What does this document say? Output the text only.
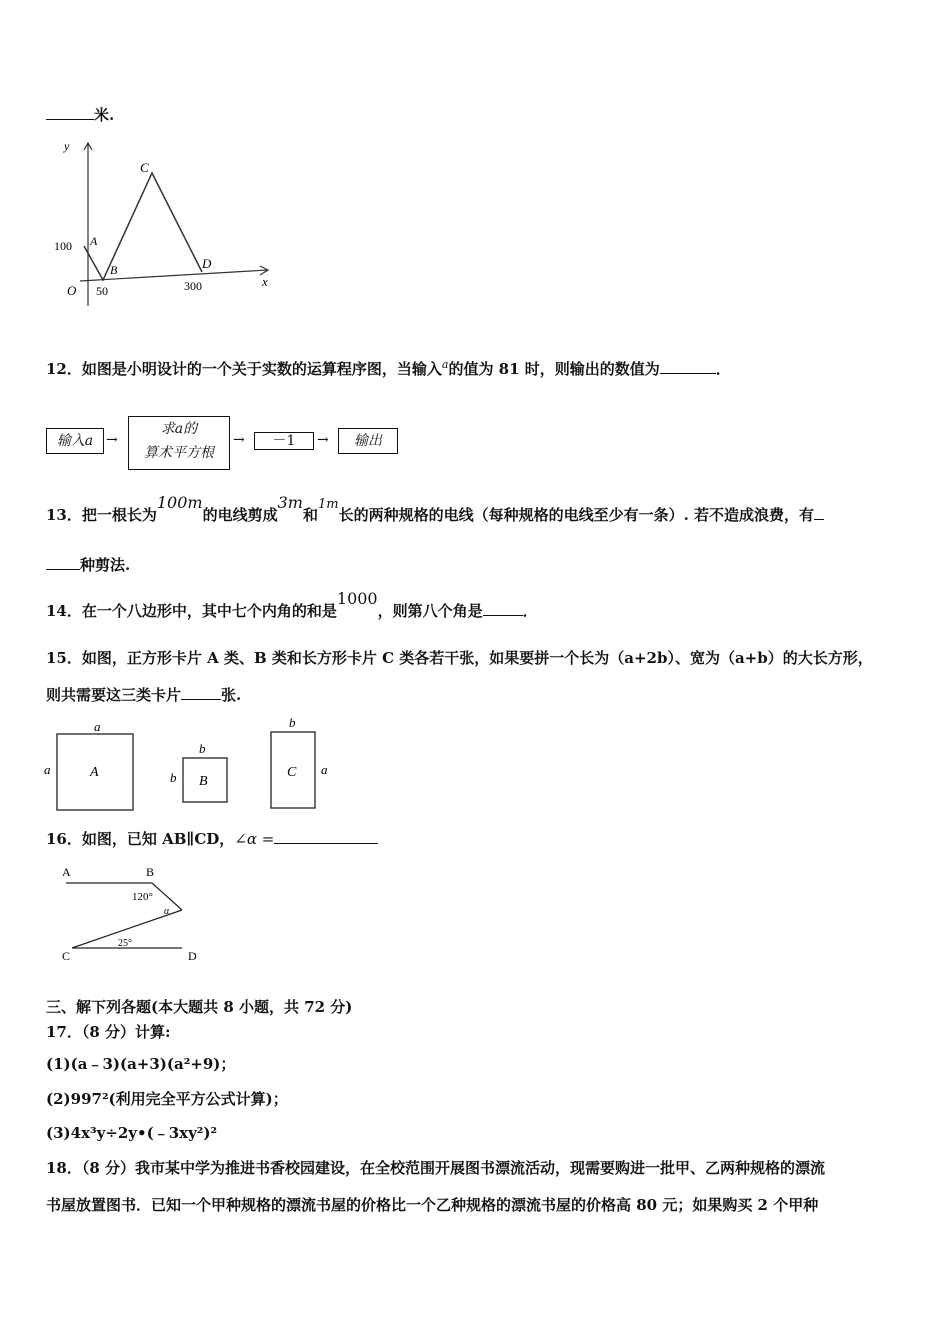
米.
y
x
O
A
B
C
D
100
50	300
12．如图是小明设计的一个关于实数的运算程序图，当输入$^a$的值为 81 时，则输出的数值为	．
输入a →
求a的
算术平方根
→	－1	→	输出
13．把一根长为100m的电线剪成3m和1m长的两种规格的电线（每种规格的电线至少有一条）. 若不造成浪费，有
种剪法.
14．在一个八边形中，其中七个内角的和是1000，则第八个角是	．
15．如图，正方形卡片 A 类、B 类和长方形卡片 C 类各若干张，如果要拼一个长为（a+2b）、宽为（a+b）的大长方形，
则共需要这三类卡片	张.
a
a	A
b
b B
b
a
C
16．如图，已知 AB∥CD，∠α =
A	B
C	D
120°
25°
α
三、解下列各题(本大题共 8 小题，共 72 分)
17．（8 分）计算:
(1)(a﹣3)(a+3)(a²+9)；
(2)997²(利用完全平方公式计算)；
(3)4x³y÷2y•(﹣3xy²)²
18．（8 分）我市某中学为推进书香校园建设，在全校范围开展图书漂流活动，现需要购进一批甲、乙两种规格的漂流
书屋放置图书．已知一个甲种规格的漂流书屋的价格比一个乙种规格的漂流书屋的价格高 80 元；如果购买 2 个甲种
